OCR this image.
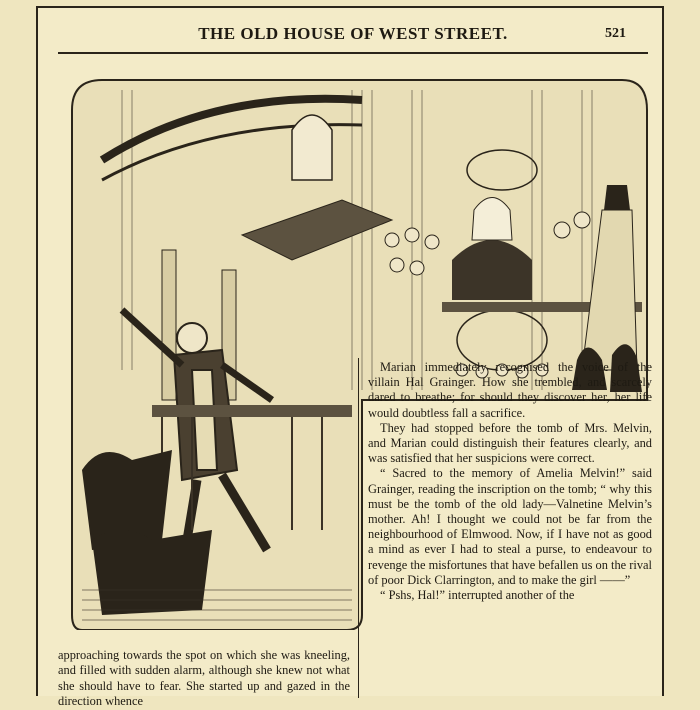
THE OLD HOUSE OF WEST STREET.	521

Marian immediately recognised the voice of the villain Hal Grainger. How she trembled, and scarcely dared to breathe; for should they discover her, her life would doubtless fall a sacrifice.

They had stopped before the tomb of Mrs. Melvin, and Marian could distinguish their features clearly, and was satisfied that her suspicions were correct.

“ Sacred to the memory of Amelia Melvin!” said Grainger, reading the inscription on the tomb; “ why this must be the tomb of the old lady—Valnetine Melvin’s mother. Ah! I thought we could not be far from the neighbourhood of Elmwood. Now, if I have not as good a mind as ever I had to steal a purse, to endeavour to revenge the misfortunes that have befallen us on the rival of poor Dick Clarrington, and to make the girl ——”

“ Pshs, Hal!” interrupted another of the

approaching towards the spot on which she was kneeling, and filled with sudden alarm, although she knew not what she should have to fear. She started up and gazed in the direction whence
